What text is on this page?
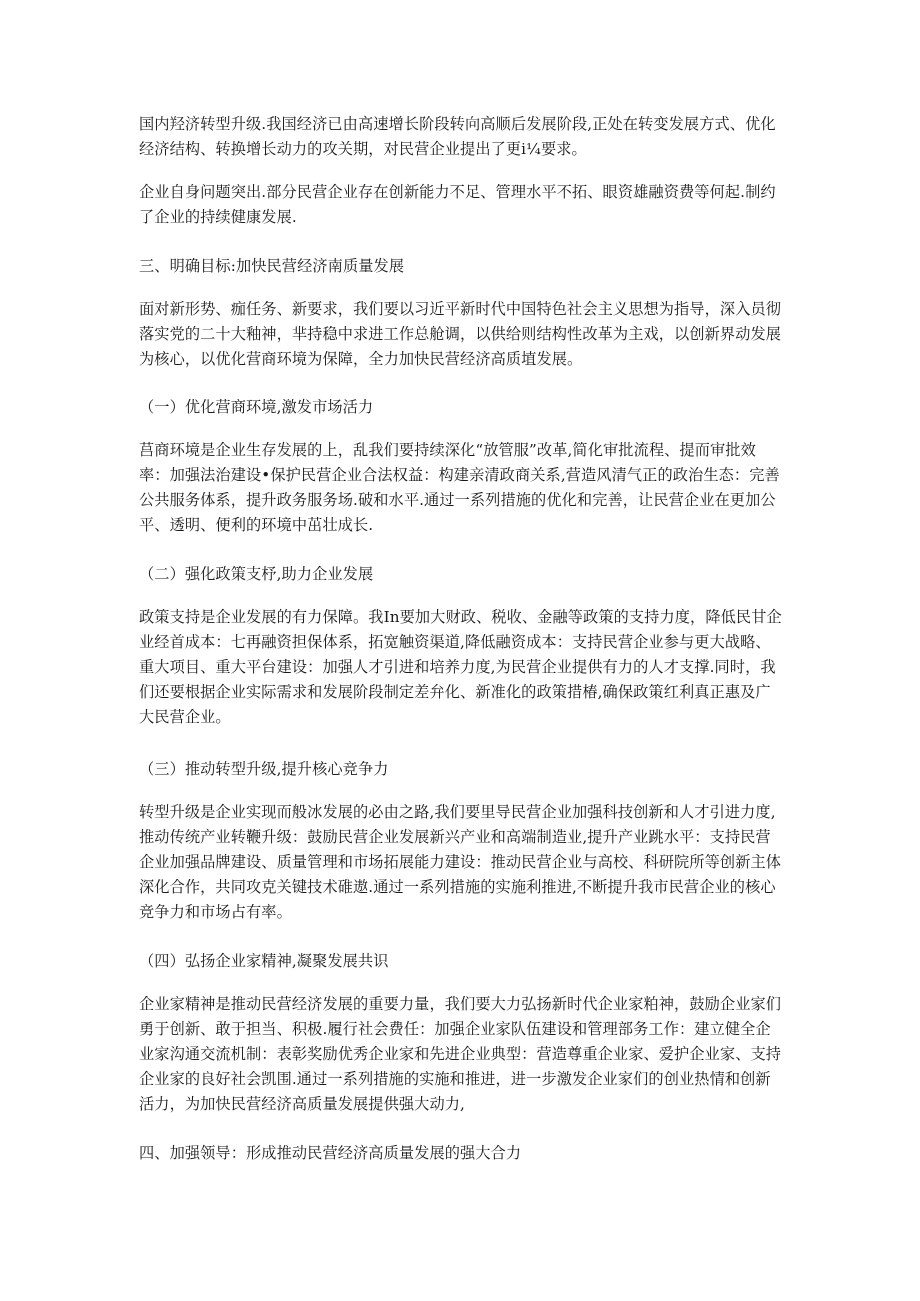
国内羟济转型升级.我国经济已由高速增长阶段转向高顺后发展阶段,正处在转变发展方式、优化
经济结构、转换增长动力的攻关期，对民营企业提出了更i¼要求。
企业自身问题突出.部分民营企业存在创新能力不足、管理水平不拓、眼资雄融资费等何起.制约
了企业的持续健康发展.
三、明确目标:加快民营经济南质量发展
面对新形势、痂任务、新要求，我们要以习近平新时代中国特色社会主义思想为指导，深入员彻
落实党的二十大釉神，芈持稳中求进工作总舱调，以供给则结构性改革为主戏，以创新界动发展
为核心，以优化营商环境为保障，全力加快民营经济高质埴发展。
（一）优化营商环境,激发市场活力
莒商环境是企业生存发展的上，乱我们要持续深化“放管服”改革,简化审批流程、提而审批效
率：加强法治建设•保护民营企业合法权益：构建亲清政商关系,营造风清气正的政治生态：完善
公共服务体系，提升政务服务场.破和水平.通过一系列措施的优化和完善，让民营企业在更加公
平、透明、便利的环境中茁壮成长.
（二）强化政策支杼,助力企业发展
政策支持是企业发展的有力保障。我In要加大财政、税收、金融等政策的支持力度，降低民甘企
业经首成本：七再融资担保体系，拓宽触资渠道,降低融资成本：支持民营企业参与更大战略、
重大项目、重大平台建设：加强人才引进和培养力度,为民营企业提供有力的人才支撑.同时，我
们还要根据企业实际需求和发展阶段制定差弁化、新准化的政策措椿,确保政策红利真正惠及广
大民营企业。
（三）推动转型升级,提升核心竞争力
转型升级是企业实现而般冰发展的必由之路,我们要里导民营企业加强科技创新和人才引进力度,
推动传统产业转鞭升级：鼓励民营企业发展新兴产业和高端制造业,提升产业跳水平：支持民营
企业加强品牌建设、质量管理和市场拓展能力建设：推动民营企业与高校、科研院所等创新主体
深化合作，共同攻克关键技术碓遨.通过一系列措施的实施利推进,不断提升我市民营企业的核心
竞争力和市场占有率。
（四）弘扬企业家精神,凝聚发展共识
企业家精神是推动民营经济发展的重要力量，我们要大力弘扬新时代企业家粕神，鼓励企业家们
勇于创新、敢于担当、积极.履行社会费任：加强企业家队伍建设和管理部务工作：建立健全企
业家沟通交流机制：表彰奖励优秀企业家和先进企业典型：营造尊重企业家、爱护企业家、支持
企业家的良好社会凯围.通过一系列措施的实施和推进，进一步激发企业家们的创业热情和创新
活力，为加快民营经济高质量发展提供强大动力,
四、加强领导：形成推动民营经济高质量发展的强大合力
